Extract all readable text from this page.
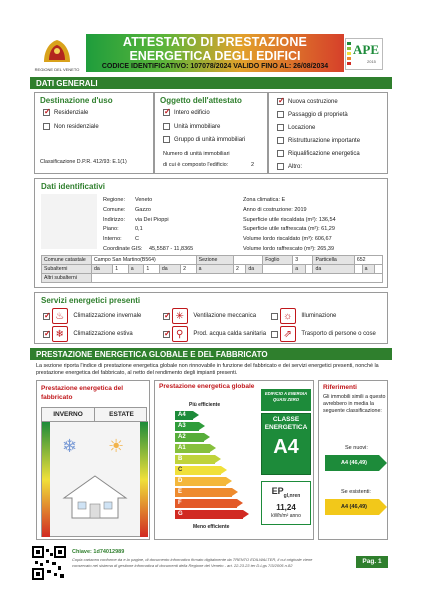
REGIONE DEL VENETO
ATTESTATO DI PRESTAZIONE
ENERGETICA DEGLI EDIFICI
CODICE IDENTIFICATIVO: 107078/2024 VALIDO FINO AL: 26/08/2034
APE
2015
DATI GENERALI
Destinazione d'uso
✓Residenziale
Non residenziale
Classificazione D.P.R. 412/93: E.1(1)
Oggetto dell'attestato
✓Intero edificio
Unità immobiliare
Gruppo di unità immobiliari
Numero di unità immobiliari
di cui è composto l'edificio:	2
✓Nuova costruzione
Passaggio di proprietà
Locazione
Ristrutturazione importante
Riqualificazione energetica
Altro:
Dati identificativi
Regione: Veneto
Comune: Gazzo
Indirizzo: via Dei Pioppi
Piano:	0,1
Interno: C
Coordinate GIS: 45,5587 - 11,8365
Zona climatica: E
Anno di costruzione: 2019
Superficie utile riscaldata (m²): 136,54
Superficie utile raffrescata (m²): 61,29
Volume lordo riscaldato (m³): 606,67
Volume lordo raffrescato (m³): 265,39
Comune catastale	Campo San Martino(B564)						Sezione			Foglio	3		Particella	652		
Subalterni	da	1	a	1	da	2	a	2	da		a		da		a	
Altri subalterni																
Servizi energetici presenti
✓ ♨ Climatizzazione invernale ✓	✳ Ventilazione meccanica	☼ Illuminazione
✓ ❄ Climatizzazione estiva ✓	⚲ Prod. acqua calda sanitaria	⇗ Trasporto di persone o cose
PRESTAZIONE ENERGETICA GLOBALE E DEL FABBRICATO
La sezione riporta l'indice di prestazione energetica globale non rinnovabile in funzione del fabbricato e dei servizi energetici presenti, nonché la prestazione energetica del fabbricato, al netto del rendimento degli impianti presenti.
Prestazione energetica del fabbricato
INVERNO	ESTATE
❄ ☀
Prestazione energetica globale
Più efficiente
Meno efficiente
A4
A3
A2
A1
B
C
D
E
F
G
EDIFICIO A ENERGIA QUASI ZERO
CLASSE ENERGETICA
A4
$EP_{gl,nren}$
11,24
kWh/m² anno
Riferimenti
Gli immobili simili a questo avrebbero in media la seguente classificazione:
Se nuovi:
A4 (46,49)
Se esistenti:
A4 (46,49)
Chiave: 1d74012989
Copia cartacea conforme da e-lo pagine, di documento informatico firmato digitalmente da TRENTO EDILWALTER, il cui originale viene
conservato nel sistema di gestione informatica di documenti della Regione del Veneto - art. 22.23.23 ter D.Lgs 7/3/2005 n.82	Pag. 1
